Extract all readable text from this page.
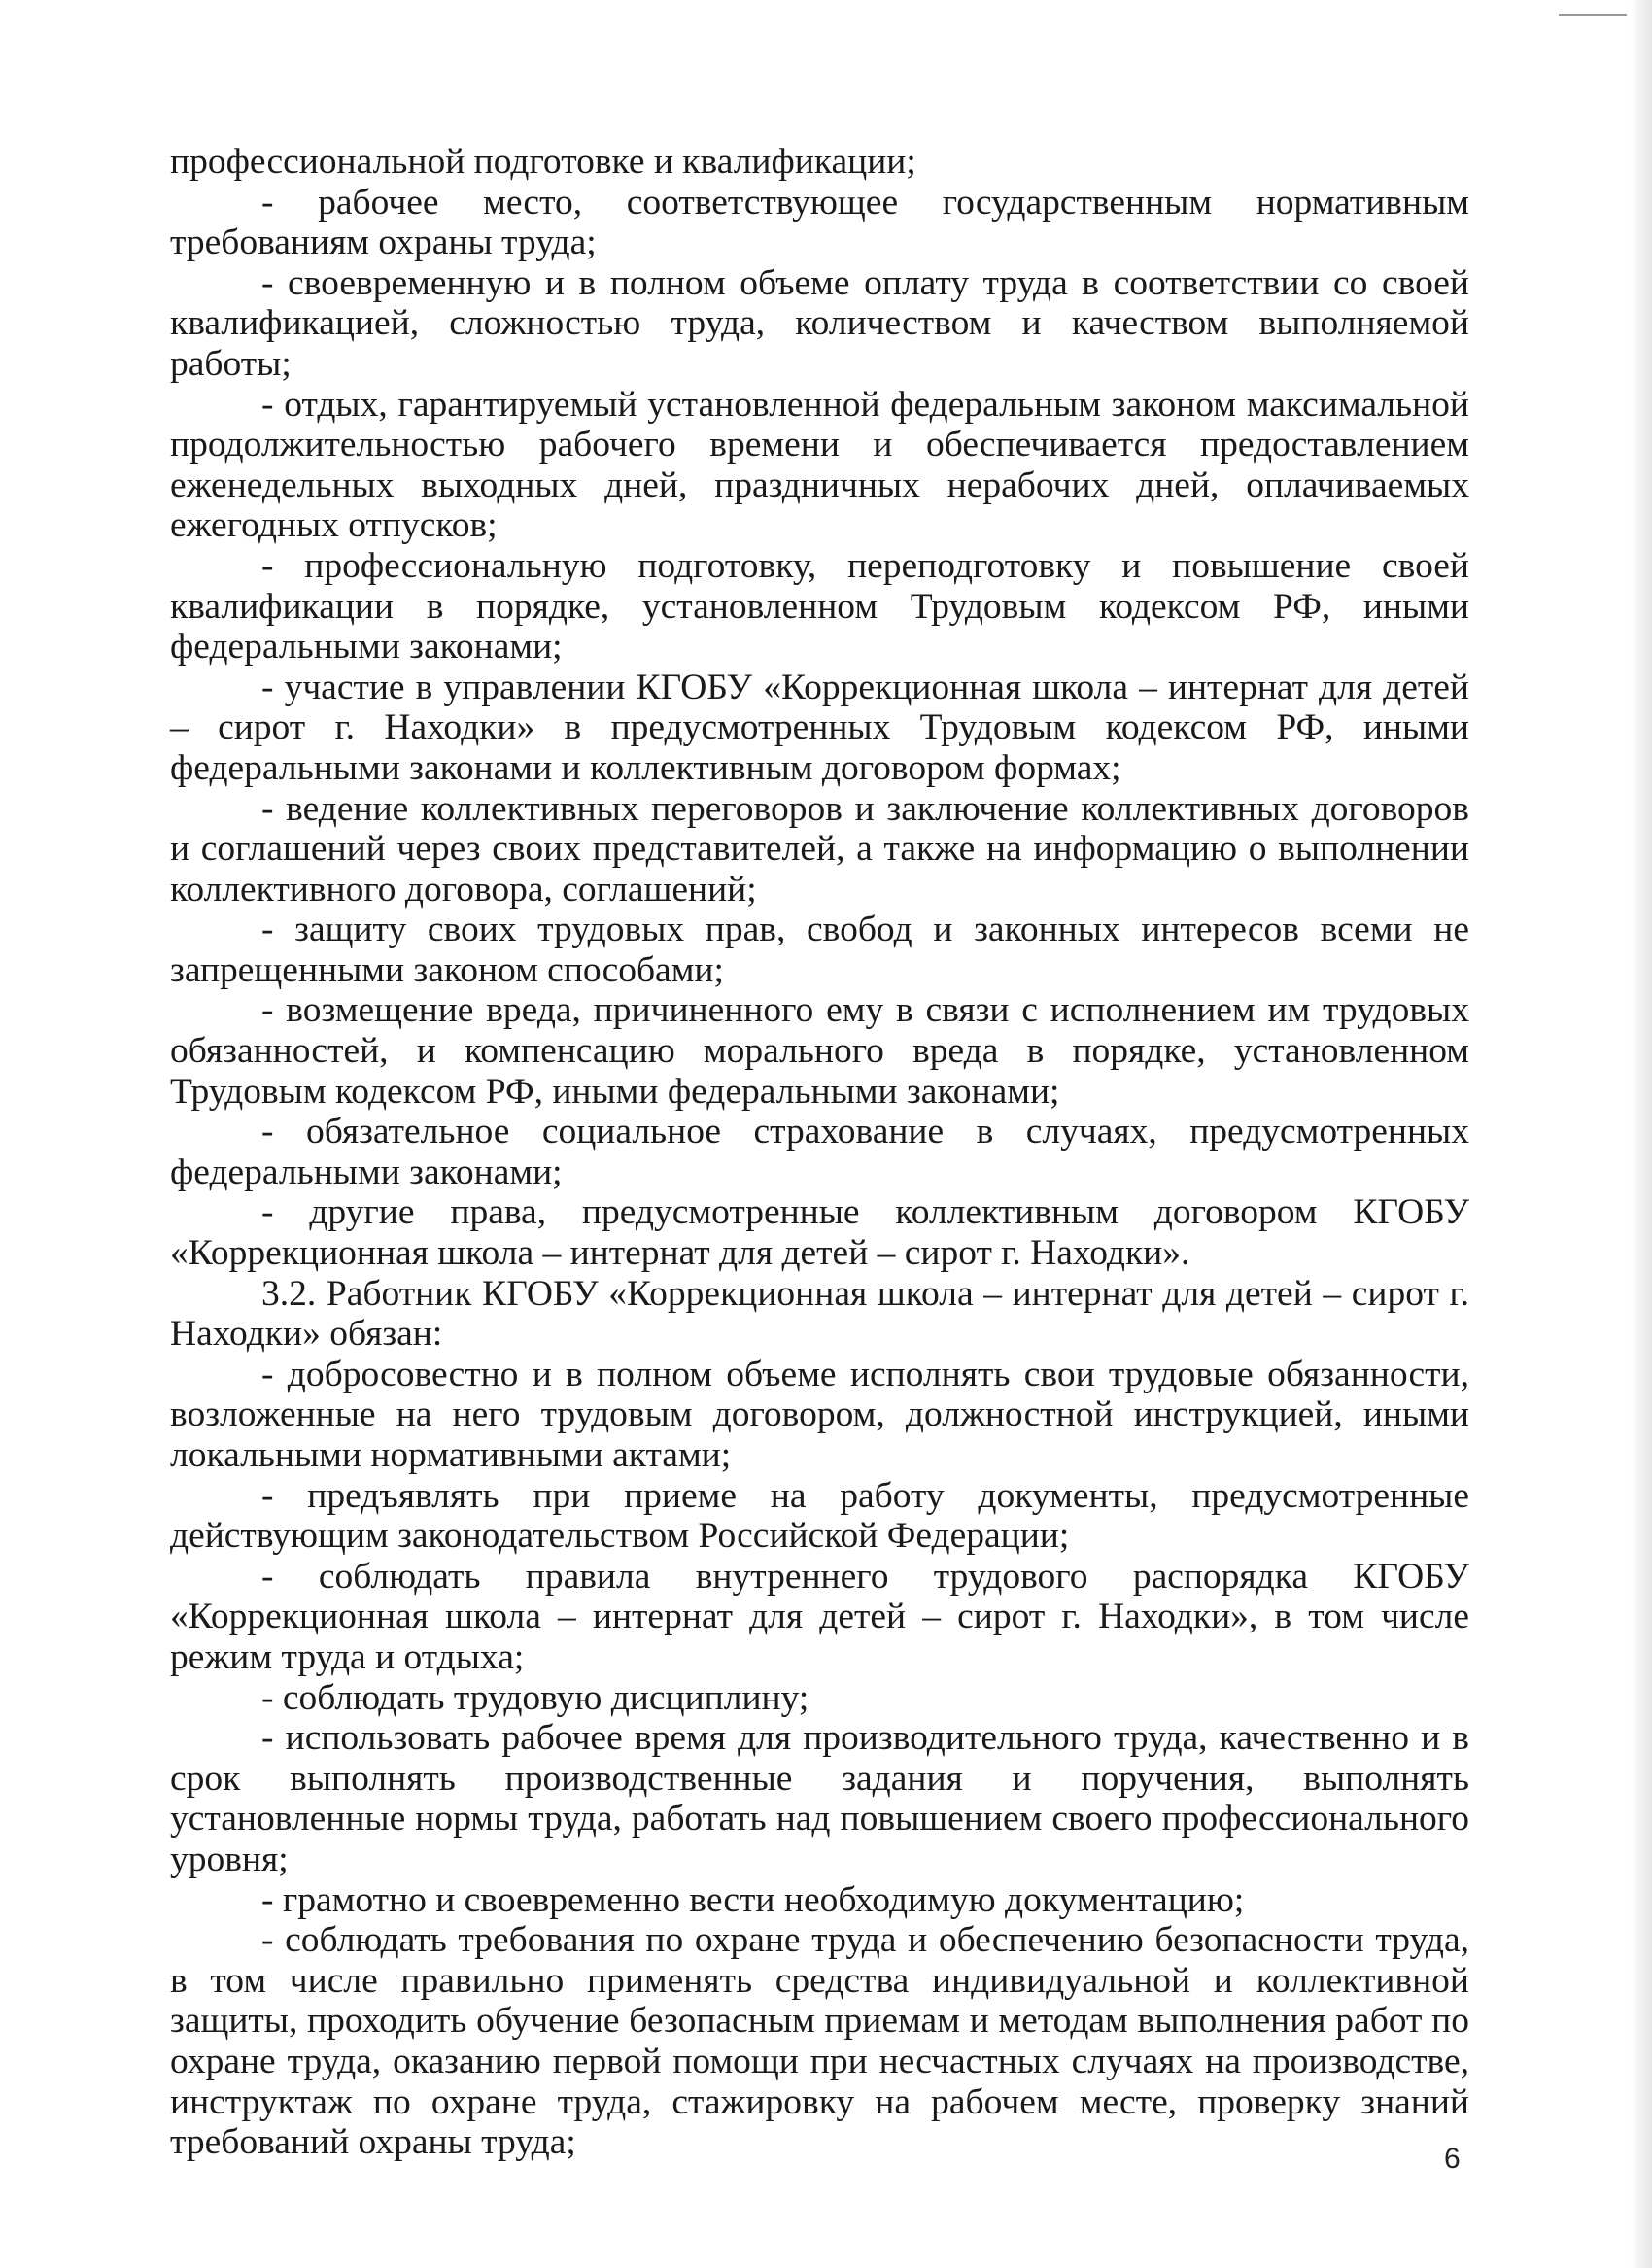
профессиональной подготовке и квалификации;

- рабочее место, соответствующее государственным нормативным требованиям охраны труда;

- своевременную и в полном объеме оплату труда в соответствии со своей квалификацией, сложностью труда, количеством и качеством выполняемой работы;

- отдых, гарантируемый установленной федеральным законом максимальной продолжительностью рабочего времени и обеспечивается предоставлением еженедельных выходных дней, праздничных нерабочих дней, оплачиваемых ежегодных отпусков;

- профессиональную подготовку, переподготовку и повышение своей квалификации в порядке, установленном Трудовым кодексом РФ, иными федеральными законами;

- участие в управлении КГОБУ «Коррекционная школа – интернат для детей – сирот г. Находки» в предусмотренных Трудовым кодексом РФ, иными федеральными законами и коллективным договором формах;

- ведение коллективных переговоров и заключение коллективных договоров и соглашений через своих представителей, а также на информацию о выполнении коллективного договора, соглашений;

- защиту своих трудовых прав, свобод и законных интересов всеми не запрещенными законом способами;

- возмещение вреда, причиненного ему в связи с исполнением им трудовых обязанностей, и компенсацию морального вреда в порядке, установленном Трудовым кодексом РФ, иными федеральными законами;

- обязательное социальное страхование в случаях, предусмотренных федеральными законами;

- другие права, предусмотренные коллективным договором КГОБУ «Коррекционная школа – интернат для детей – сирот г. Находки».

3.2. Работник КГОБУ «Коррекционная школа – интернат для детей – сирот г. Находки» обязан:

- добросовестно и в полном объеме исполнять свои трудовые обязанности, возложенные на него трудовым договором, должностной инструкцией, иными локальными нормативными актами;

- предъявлять при приеме на работу документы, предусмотренные действующим законодательством Российской Федерации;

- соблюдать правила внутреннего трудового распорядка КГОБУ «Коррекционная школа – интернат для детей – сирот г. Находки», в том числе режим труда и отдыха;

- соблюдать трудовую дисциплину;

- использовать рабочее время для производительного труда, качественно и в срок выполнять производственные задания и поручения, выполнять установленные нормы труда, работать над повышением своего профессионального уровня;

- грамотно и своевременно вести необходимую документацию;

- соблюдать требования по охране труда и обеспечению безопасности труда, в том числе правильно применять средства индивидуальной и коллективной защиты, проходить обучение безопасным приемам и методам выполнения работ по охране труда, оказанию первой помощи при несчастных случаях на производстве, инструктаж по охране труда, стажировку на рабочем месте, проверку знаний требований охраны труда;	6
